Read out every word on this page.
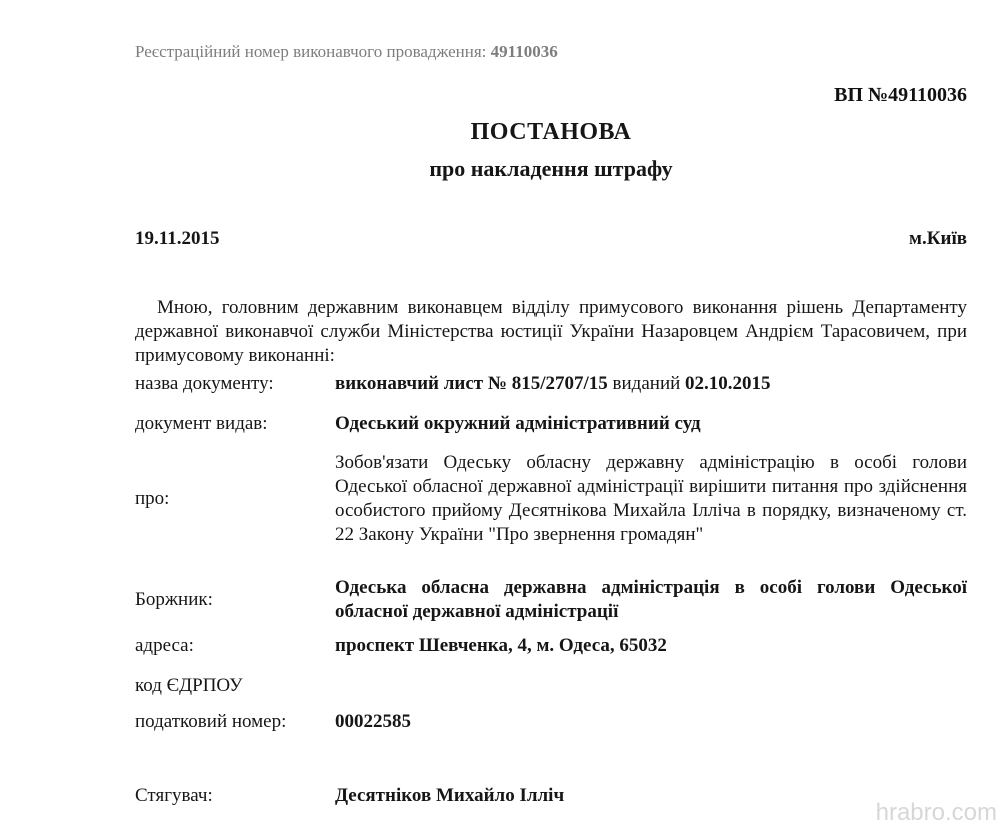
Реєстраційний номер виконавчого провадження: 49110036
ВП №49110036
ПОСТАНОВА
про накладення штрафу
19.11.2015	м.Київ
Мною, головним державним виконавцем відділу примусового виконання рішень Департаменту державної виконавчої служби Міністерства юстиції України Назаровцем Андрієм Тарасовичем, при примусовому виконанні:
назва документу:	виконавчий лист № 815/2707/15 виданий 02.10.2015
документ видав:	Одеський окружний адміністративний суд
про:
Зобов'язати Одеську обласну державну адміністрацію в особі голови Одеської обласної державної адміністрації вирішити питання про здійснення особистого прийому Десятнікова Михайла Ілліча в порядку, визначеному ст. 22 Закону України "Про звернення громадян"
Боржник:
Одеська обласна державна адміністрація в особі голови Одеської обласної державної адміністрації
адреса:	проспект Шевченка, 4, м. Одеса, 65032
код ЄДРПОУ
податковий номер:	00022585
Стягувач:	Десятніков Михайло Ілліч
hrabro.com
